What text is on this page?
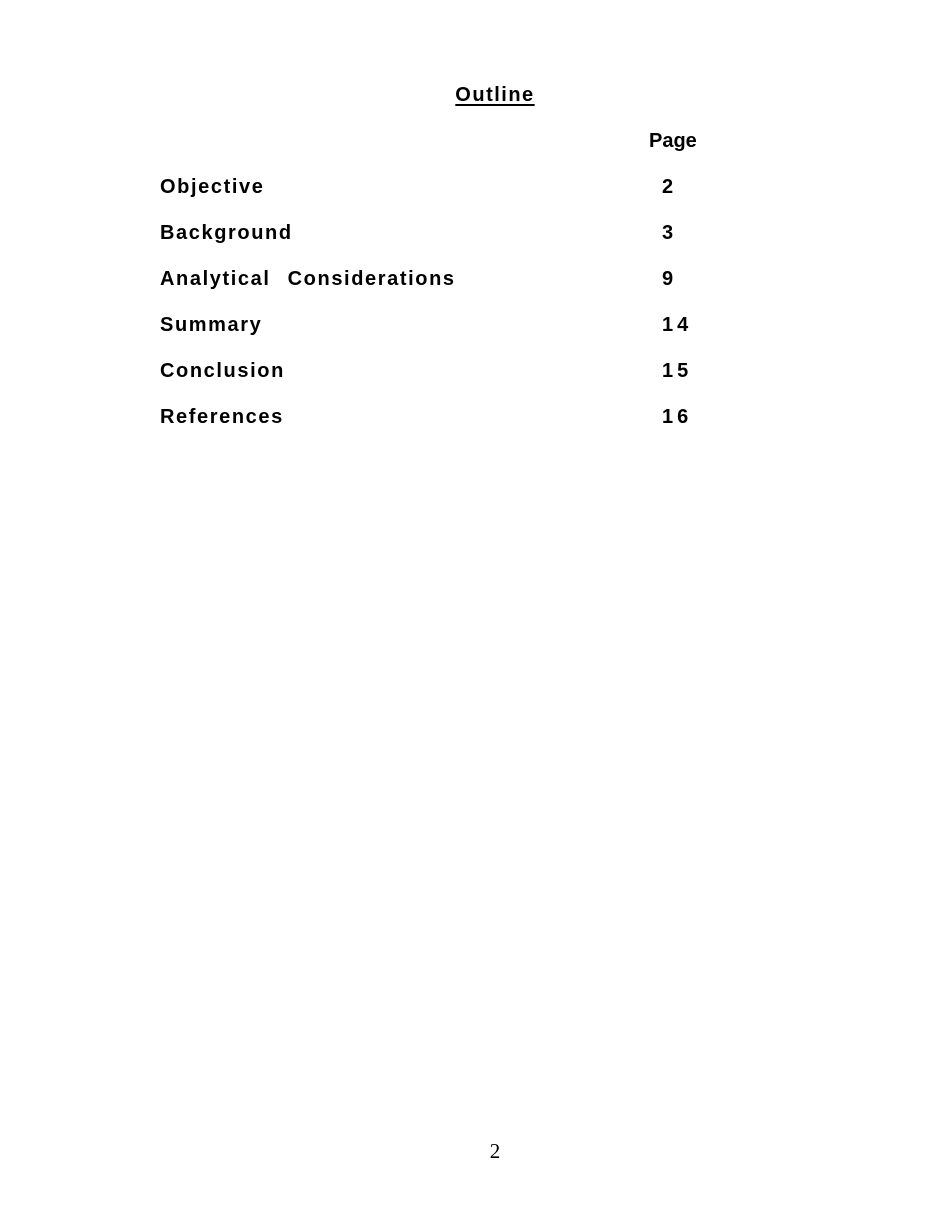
Outline
Page
Objective	2
Background	3
Analytical Considerations	9
Summary	14
Conclusion	15
References	16
2
